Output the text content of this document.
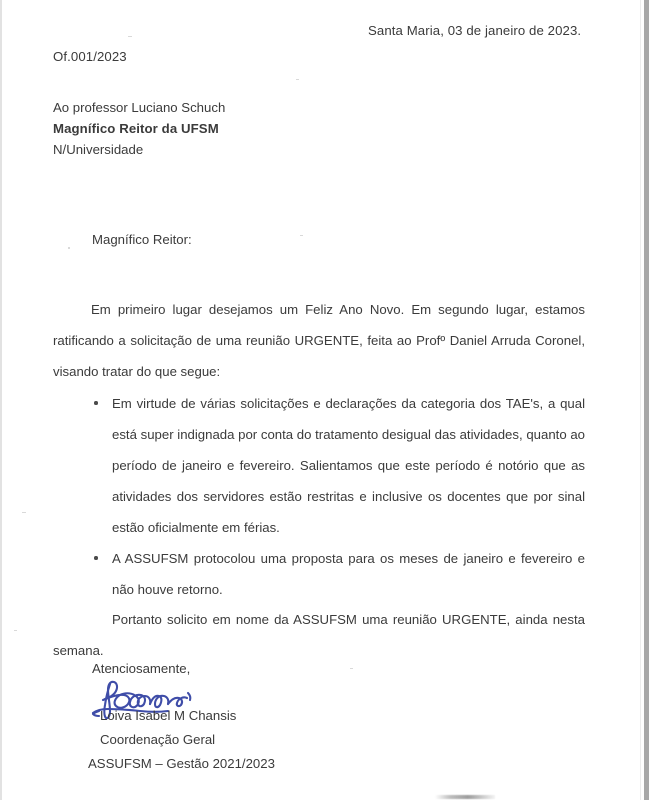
Santa Maria, 03 de janeiro de 2023.
Of.001/2023
Ao professor Luciano Schuch
Magnífico Reitor da UFSM
N/Universidade
Magnífico Reitor:

Em primeiro lugar desejamos um Feliz Ano Novo. Em segundo lugar, estamos ratificando a solicitação de uma reunião URGENTE, feita ao Profº Daniel Arruda Coronel, visando tratar do que segue:

Em virtude de várias solicitações e declarações da categoria dos TAE's, a qual está super indignada por conta do tratamento desigual das atividades, quanto ao período de janeiro e fevereiro. Salientamos que este período é notório que as atividades dos servidores estão restritas e inclusive os docentes que por sinal estão oficialmente em férias.
A ASSUFSM protocolou uma proposta para os meses de janeiro e fevereiro e não houve retorno.
Portanto solicito em nome da ASSUFSM uma reunião URGENTE, ainda nesta semana.
Atenciosamente,
Loiva Isabel M Chansis
Coordenação Geral
ASSUFSM – Gestão 2021/2023
